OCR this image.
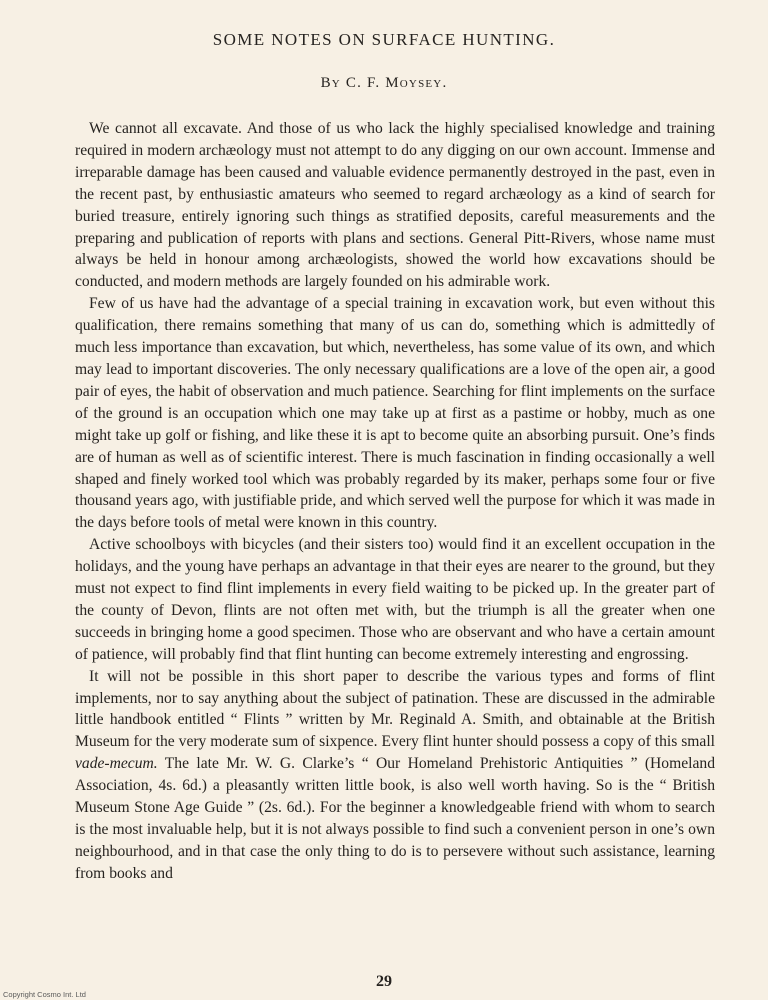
SOME NOTES ON SURFACE HUNTING.
By C. F. Moysey.

We cannot all excavate. And those of us who lack the highly specialised knowledge and training required in modern archæology must not attempt to do any digging on our own account. Immense and irreparable damage has been caused and valuable evidence permanently destroyed in the past, even in the recent past, by enthusiastic amateurs who seemed to regard archæology as a kind of search for buried treasure, entirely ignoring such things as stratified deposits, careful measurements and the preparing and publication of reports with plans and sections. General Pitt-Rivers, whose name must always be held in honour among archæologists, showed the world how excavations should be conducted, and modern methods are largely founded on his admirable work.

Few of us have had the advantage of a special training in excavation work, but even without this qualification, there remains something that many of us can do, something which is admittedly of much less importance than excavation, but which, nevertheless, has some value of its own, and which may lead to important discoveries. The only necessary qualifications are a love of the open air, a good pair of eyes, the habit of observation and much patience. Searching for flint implements on the surface of the ground is an occupation which one may take up at first as a pastime or hobby, much as one might take up golf or fishing, and like these it is apt to become quite an absorbing pursuit. One’s finds are of human as well as of scientific interest. There is much fascination in finding occasionally a well shaped and finely worked tool which was probably regarded by its maker, perhaps some four or five thousand years ago, with justifiable pride, and which served well the purpose for which it was made in the days before tools of metal were known in this country.

Active schoolboys with bicycles (and their sisters too) would find it an excellent occupation in the holidays, and the young have perhaps an advantage in that their eyes are nearer to the ground, but they must not expect to find flint implements in every field waiting to be picked up. In the greater part of the county of Devon, flints are not often met with, but the triumph is all the greater when one succeeds in bringing home a good specimen. Those who are observant and who have a certain amount of patience, will probably find that flint hunting can become extremely interesting and engrossing.

It will not be possible in this short paper to describe the various types and forms of flint implements, nor to say anything about the subject of patination. These are discussed in the admirable little handbook entitled “ Flints ” written by Mr. Reginald A. Smith, and obtainable at the British Museum for the very moderate sum of sixpence. Every flint hunter should possess a copy of this small vade-mecum. The late Mr. W. G. Clarke’s “ Our Homeland Prehistoric Antiquities ” (Homeland Association, 4s. 6d.) a pleasantly written little book, is also well worth having. So is the “ British Museum Stone Age Guide ” (2s. 6d.). For the beginner a knowledgeable friend with whom to search is the most invaluable help, but it is not always possible to find such a convenient person in one’s own neighbourhood, and in that case the only thing to do is to persevere without such assistance, learning from books and

29
Copyright Cosmo Int. Ltd
